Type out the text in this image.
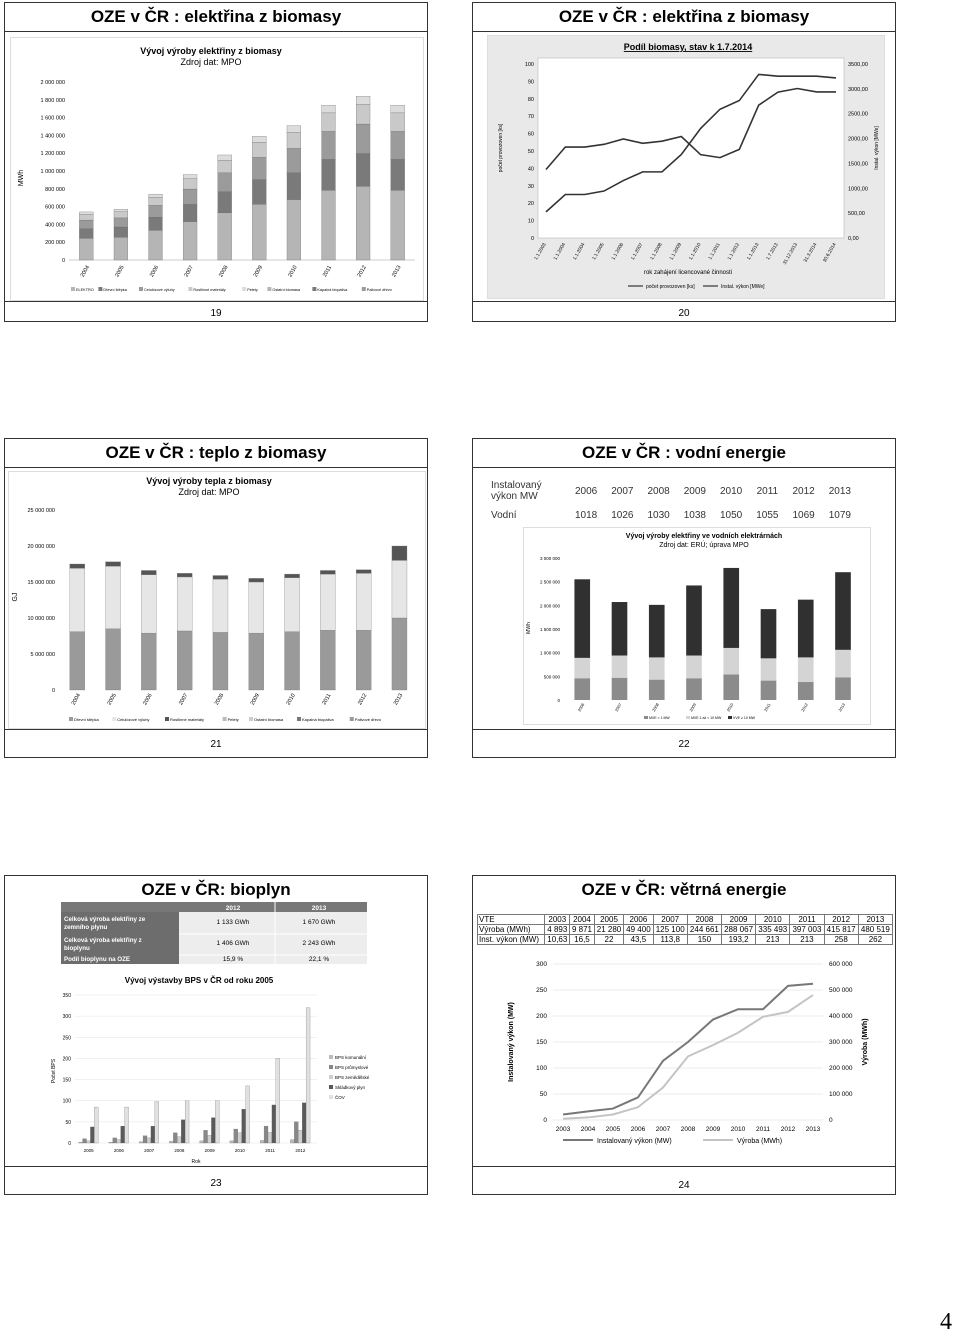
OZE v ČR : elektřina z biomasy
Vývoj výroby elektřiny z biomasy
Zdroj dat: MPO
2 000 000
1 800 000
1 600 000
1 400 000
1 200 000
1 000 000
800 000
600 000
400 000
200 000
0
MWh
2004	2005	2006	2007	2008	2009	2010	2011	2012	2013
ELEKTRO	Dřevní štěpka	Celulózové výluhy	Rostlinné materiály	Pelety	Ostatní biomasa	Kapalná biopaliva	Palivové dřevo
19
OZE v ČR : elektřina z biomasy
Podíl biomasy, stav k 1.7.2014
100
90
80
70
60
50
40
30
20
10
0
3500,00
3000,00
2500,00
2000,00
1500,00
1000,00
500,00
0,00
počet provozoven [ks]	Instal. výkon [MWe]
1.1.2003 1.1.2004 1.1.2004 1.1.2005 1.1.2006 1.1.2007 1.1.2008 1.1.2009 1.1.2010 1.1.2011 1.1.2012 1.1.2013 1.7.2013 31.12.2013 31.3.2014 30.6.2014
rok zahájení licencované činnosti
počet provozoven [ks]	Instal. výkon [MWe]
20
OZE v ČR : teplo z biomasy
Vývoj výroby tepla z biomasy
Zdroj dat: MPO
25 000 000
20 000 000
15 000 000
10 000 000
5 000 000
0
GJ
2004	2005	2006	2007	2008	2009	2010	2011	2012	2013
Dřevní štěpka	Celulózové výluhy	Rostlinné materiály	Pelety	Ostatní biomasa	Kapalná biopaliva	Palivové dřevo
21
OZE v ČR : vodní energie
Instalovaný výkon MW	2006	2007	2008	2009	2010	2011	2012	2013
Vodní	1018	1026	1030	1038	1050	1055	1069	1079
Vývoj výroby elektřiny ve vodních elektrárnách
Zdroj dat: ERÚ; úprava MPO
3 000 000
2 500 000
2 000 000
1 500 000
1 000 000
500 000
0
MWh
2006	2007	2008	2009	2010	2011	2012	2013
MVE < 1 MW	MVE 1 až < 10 MW	VVE ≥ 10 MW
22
OZE v ČR: bioplyn
2012	2013
Celková výroba elektřiny ze
zemního plynu
1 133 GWh	1 670 GWh
Celková výroba elektřiny z
bioplynu
1 406 GWh	2 243 GWh
Podíl bioplynu na OZE	15,9 %	22,1 %
Vývoj výstavby BPS v ČR od roku 2005
350
300
250
200
150
100
50
0
Počet BPS
Rok
2005	2006	2007	2008	2009	2010	2011	2012
BPS komunální
BPS průmyslové
BPS zemědělské
Skládkový plyn
ČOV
23
OZE v ČR: větrná energie
VTE	2003	2004	2005	2006	2007	2008	2009	2010	2011	2012	2013
Výroba (MWh)	4 893	9 871	21 280	49 400	125 100	244 661	288 067	335 493	397 003	415 817	480 519
Inst. výkon (MW)	10,63	16,5	22	43,5	113,8	150	193,2	213	213	258	262
300
250
200
150
100
50
0
600 000
500 000
400 000
300 000
200 000
100 000
0
Instalovaný výkon (MW)	Výroba (MWh)
2003 2004 2005 2006 2007 2008 2009 2010 2011 2012 2013
Instalovaný výkon (MW)	Výroba (MWh)
24
4
